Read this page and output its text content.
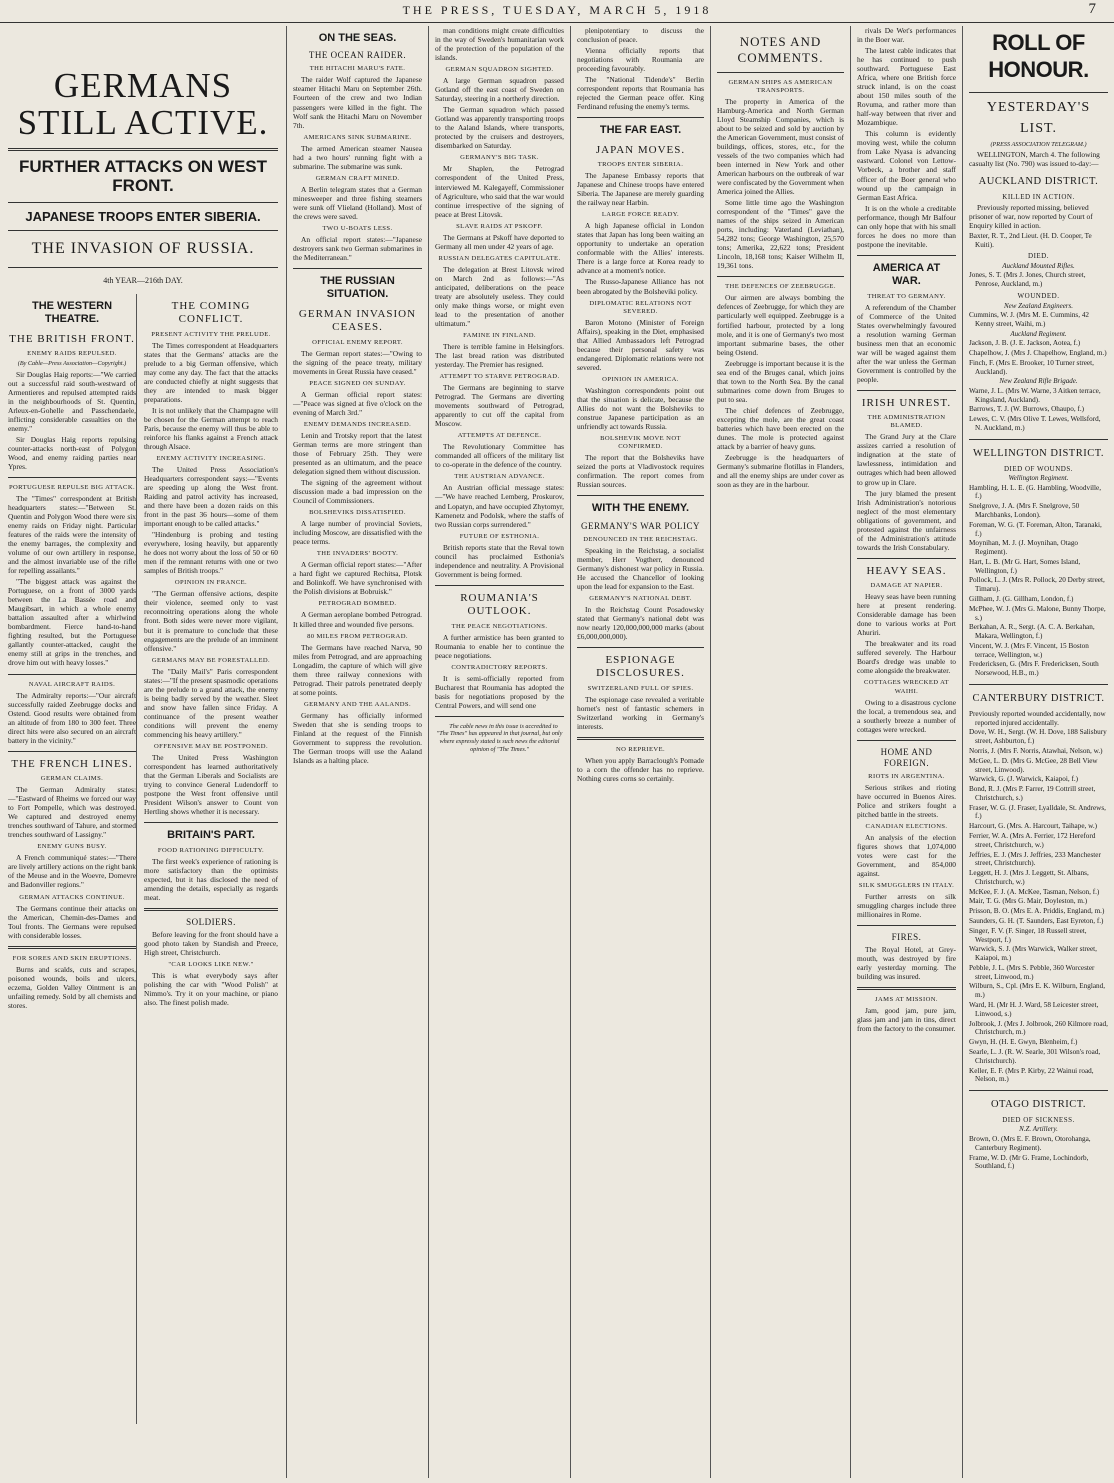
THE PRESS, TUESDAY, MARCH 5, 1918	7
GERMANS STILL ACTIVE.
FURTHER ATTACKS ON WEST FRONT.
JAPANESE TROOPS ENTER SIBERIA.
THE INVASION OF RUSSIA.
4th YEAR—216th DAY.
THE WESTERN THEATRE.
THE BRITISH FRONT.
ENEMY RAIDS REPULSED.
(By Cable—Press Association—Copyright.)

Sir Douglas Haig reports:—"We carried out a successful raid south-westward of Armentieres and repulsed attempted raids in the neighbourhoods of St. Quentin, Arleux-en-Gohelle and Passchendaele, inflicting considerable casualties on the enemy."

Sir Douglas Haig reports repulsing counter-attacks north-east of Polygon Wood, and enemy raiding parties near Ypres.

PORTUGUESE REPULSE BIG ATTACK.

The "Times" correspondent at British headquarters states:—"Between St. Quentin and Polygon Wood there were six enemy raids on Friday night. Particular features of the raids were the intensity of the enemy barrages, the complexity and volume of our own artillery in response, and the almost invariable use of the rifle for repelling assailants."

"The biggest attack was against the Portuguese, on a front of 3000 yards between the La Bassée road and Maugibsart, in which a whole enemy battalion assaulted after a whirlwind bombardment. Fierce hand-to-hand fighting resulted, but the Portuguese gallantly counter-attacked, caught the enemy still at grips in the trenches, and drove him out with heavy losses."

NAVAL AIRCRAFT RAIDS.

The Admiralty reports:—"Our aircraft successfully raided Zeebrugge docks and Ostend. Good results were obtained from an altitude of from 180 to 300 feet. Three direct hits were also secured on an aircraft battery in the vicinity."

THE FRENCH LINES.
GERMAN CLAIMS.

The German Admiralty states:—"Eastward of Rheims we forced our way to Fort Pompelle, which was destroyed. We captured and destroyed enemy trenches southward of Tahure, and stormed trenches southward of Lassigny."

ENEMY GUNS BUSY.

A French communiqué states:—"There are lively artillery actions on the right bank of the Meuse and in the Woevre, Domevre and Badonviller regions."

GERMAN ATTACKS CONTINUE.

The Germans continue their attacks on the American, Chemin-des-Dames and Toul fronts. The Germans were repulsed with considerable losses.

FOR SORES AND SKIN ERUPTIONS.

Burns and scalds, cuts and scrapes, poisoned wounds, boils and ulcers, eczema, Golden Valley Ointment is an unfailing remedy. Sold by all chemists and stores.

THE COMING CONFLICT.
PRESENT ACTIVITY THE PRELUDE.

The Times correspondent at Headquarters states that the Germans' attacks are the prelude to a big German offensive, which may come any day. The fact that the attacks are conducted chiefly at night suggests that they are intended to mask bigger preparations.

It is not unlikely that the Champagne will be chosen for the German attempt to reach Paris, because the enemy will thus be able to reinforce his flanks against a French attack through Alsace.

ENEMY ACTIVITY INCREASING.

The United Press Association's Headquarters correspondent says:—"Events are speeding up along the West front. Raiding and patrol activity has increased, and there have been a dozen raids on this front in the past 36 hours—some of them important enough to be called attacks."

"Hindenburg is probing and testing everywhere, losing heavily, but apparently he does not worry about the loss of 50 or 60 men if the remnant returns with one or two samples of British troops."

OPINION IN FRANCE.

"The German offensive actions, despite their violence, seemed only to vast reconnoitring operations along the whole front. Both sides were never more vigilant, but it is premature to conclude that these engagements are the prelude of an imminent offensive."

GERMANS MAY BE FORESTALLED.

The "Daily Mail's" Paris correspondent states:—"If the present spasmodic operations are the prelude to a grand attack, the enemy is being badly served by the weather. Sleet and snow have fallen since Friday. A continuance of the present weather conditions will prevent the enemy commencing his heavy artillery."

OFFENSIVE MAY BE POSTPONED.

The United Press Washington correspondent has learned authoritatively that the German Liberals and Socialists are trying to convince General Ludendorff to postpone the West front offensive until President Wilson's answer to Count von Hertling shows whether it is necessary.

BRITAIN'S PART.
FOOD RATIONING DIFFICULTY.

The first week's experience of rationing is more satisfactory than the optimists expected, but it has disclosed the need of amending the details, especially as regards meat.

SOLDIERS.

Before leaving for the front should have a good photo taken by Standish and Preece, High street, Christchurch.

"CAR LOOKS LIKE NEW."

This is what everybody says after polishing the car with "Wood Polish" at Nimmo's. Try it on your machine, or piano also. The finest polish made.

ON THE SEAS.
THE OCEAN RAIDER.
THE HITACHI MARU'S FATE.

The raider Wolf captured the Japanese steamer Hitachi Maru on September 26th. Fourteen of the crew and two Indian passengers were killed in the fight. The Wolf sank the Hitachi Maru on November 7th.

AMERICANS SINK SUBMARINE.

The armed American steamer Nausea had a two hours' running fight with a submarine. The submarine was sunk.

GERMAN CRAFT MINED.

A Berlin telegram states that a German minesweeper and three fishing steamers were sunk off Vlieland (Holland). Most of the crews were saved.

TWO U-BOATS LESS.

An official report states:—"Japanese destroyers sank two German submarines in the Mediterranean."

THE RUSSIAN SITUATION.
GERMAN INVASION CEASES.
OFFICIAL ENEMY REPORT.

The German report states:—"Owing to the signing of the peace treaty, military movements in Great Russia have ceased."

PEACE SIGNED ON SUNDAY.

A German official report states:—"Peace was signed at five o'clock on the evening of March 3rd."

ENEMY DEMANDS INCREASED.

Lenin and Trotsky report that the latest German terms are more stringent than those of February 25th. They were presented as an ultimatum, and the peace delegation signed them without discussion.

The signing of the agreement without discussion made a bad impression on the Council of Commissioners.

BOLSHEVIKS DISSATISFIED.

A large number of provincial Soviets, including Moscow, are dissatisfied with the peace terms.

THE INVADERS' BOOTY.

A German official report states:—"After a hard fight we captured Rechitsa, Plotsk and Bolinkoff. We have synchronised with the Polish divisions at Bobruisk."

PETROGRAD BOMBED.

A German aeroplane bombed Petrograd. It killed three and wounded five persons.

80 MILES FROM PETROGRAD.

The Germans have reached Narva, 90 miles from Petrograd, and are approaching Longadim, the capture of which will give them three railway connexions with Petrograd. Their patrols penetrated deeply at some points.

GERMANY AND THE AALANDS.

Germany has officially informed Sweden that she is sending troops to Finland at the request of the Finnish Government to suppress the revolution. The German troops will use the Aaland Islands as a halting place.

man conditions might create difficulties in the way of Sweden's humanitarian work of the protection of the population of the islands.

GERMAN SQUADRON SIGHTED.

A large German squadron passed Gotland off the east coast of Sweden on Saturday, steering in a northerly direction.

The German squadron which passed Gotland was apparently transporting troops to the Aaland Islands, where transports, protected by the cruisers and destroyers, disembarked on Saturday.

GERMANY'S BIG TASK.

Mr Shaplen, the Petrograd correspondent of the United Press, interviewed M. Kalegayeff, Commissioner of Agriculture, who said that the war would continue irrespective of the signing of peace at Brest Litovsk.

SLAVE RAIDS AT PSKOFF.

The Germans at Pskoff have deported to Germany all men under 42 years of age.

RUSSIAN DELEGATES CAPITULATE.

The delegation at Brest Litovsk wired on March 2nd as follows:—"As anticipated, deliberations on the peace treaty are absolutely useless. They could only make things worse, or might even lead to the presentation of another ultimatum."

FAMINE IN FINLAND.

There is terrible famine in Helsingfors. The last bread ration was distributed yesterday. The Premier has resigned.

ATTEMPT TO STARVE PETROGRAD.

The Germans are beginning to starve Petrograd. The Germans are diverting movements southward of Petrograd, apparently to cut off the capital from Moscow.

ATTEMPTS AT DEFENCE.

The Revolutionary Committee has commanded all officers of the military list to co-operate in the defence of the country.

THE AUSTRIAN ADVANCE.

An Austrian official message states:—"We have reached Lemberg, Proskurov, and Lopatyn, and have occupied Zhytomyr, Kamenetz and Podolsk, where the staffs of two Russian corps surrendered."

FUTURE OF ESTHONIA.

British reports state that the Reval town council has proclaimed Esthonia's independence and neutrality. A Provisional Government is being formed.

ROUMANIA'S OUTLOOK.
THE PEACE NEGOTIATIONS.

A further armistice has been granted to Roumania to enable her to continue the peace negotiations.

CONTRADICTORY REPORTS.

It is semi-officially reported from Bucharest that Roumania has adopted the basis for negotiations proposed by the Central Powers, and will send one

The cable news in this issue is accredited to "The Times" has appeared in that journal, but only where expressly stated is such news the editorial opinion of "The Times."

plenipotentiary to discuss the conclusion of peace.

Vienna officially reports that negotiations with Roumania are proceeding favourably.

The "National Tidende's" Berlin correspondent reports that Roumania has rejected the German peace offer. King Ferdinand refusing the enemy's terms.

THE FAR EAST.
JAPAN MOVES.
TROOPS ENTER SIBERIA.

The Japanese Embassy reports that Japanese and Chinese troops have entered Siberia. The Japanese are merely guarding the railway near Harbin.

LARGE FORCE READY.

A high Japanese official in London states that Japan has long been waiting an opportunity to undertake an operation conformable with the Allies' interests. There is a large force at Korea ready to advance at a moment's notice.

The Russo-Japanese Alliance has not been abrogated by the Bolsheviki policy.

DIPLOMATIC RELATIONS NOT SEVERED.

Baron Motono (Minister of Foreign Affairs), speaking in the Diet, emphasised that Allied Ambassadors left Petrograd because their personal safety was endangered. Diplomatic relations were not severed.

OPINION IN AMERICA.

Washington correspondents point out that the situation is delicate, because the Allies do not want the Bolsheviks to construe Japanese participation as an unfriendly act towards Russia.

BOLSHEVIK MOVE NOT CONFIRMED.

The report that the Bolsheviks have seized the ports at Vladivostock requires confirmation. The report comes from Russian sources.

WITH THE ENEMY.
GERMANY'S WAR POLICY
DENOUNCED IN THE REICHSTAG.

Speaking in the Reichstag, a socialist member, Herr Vogtherr, denounced Germany's dishonest war policy in Russia. He accused the Chancellor of looking upon the lead for expansion to the East.

GERMANY'S NATIONAL DEBT.

In the Reichstag Count Posadowsky stated that Germany's national debt was now nearly 120,000,000,000 marks (about £6,000,000,000).

ESPIONAGE DISCLOSURES.
SWITZERLAND FULL OF SPIES.

The espionage case revealed a veritable hornet's nest of fantastic schemers in Switzerland working in Germany's interests.

NO REPRIEVE.

When you apply Barraclough's Pomade to a corn the offender has no reprieve. Nothing cures corns so certainly.

NOTES AND COMMENTS.
GERMAN SHIPS AS AMERICAN TRANSPORTS.

The property in America of the Hamburg-America and North German Lloyd Steamship Companies, which is about to be seized and sold by auction by the American Government, must consist of buildings, offices, stores, etc., for the vessels of the two companies which had been interned in New York and other American harbours on the outbreak of war were confiscated by the Government when America joined the Allies.

Some little time ago the Washington correspondent of the "Times" gave the names of the ships seized in American ports, including: Vaterland (Leviathan), 54,282 tons; George Washington, 25,570 tons; Amerika, 22,622 tons; President Lincoln, 18,168 tons; Kaiser Wilhelm II, 19,361 tons.

THE DEFENCES OF ZEEBRUGGE.

Our airmen are always bombing the defences of Zeebrugge, for which they are particularly well equipped. Zeebrugge is a fortified harbour, protected by a long mole, and it is one of Germany's two most important submarine bases, the other being Ostend.

Zeebrugge is important because it is the sea end of the Bruges canal, which joins that town to the North Sea. By the canal submarines come down from Bruges to put to sea.

The chief defences of Zeebrugge, excepting the mole, are the great coast batteries which have been erected on the dunes. The mole is protected against attack by a barrier of heavy guns.

Zeebrugge is the headquarters of Germany's submarine flotillas in Flanders, and all the enemy ships are under cover as soon as they are in the harbour.

rivals De Wet's performances in the Boer war.

The latest cable indicates that he has continued to push southward. Portuguese East Africa, where one British force struck inland, is on the coast about 150 miles south of the Rovuma, and rather more than half-way between that river and Mozambique.

This column is evidently moving west, while the column from Lake Nyasa is advancing eastward. Colonel von Lettow-Vorbeck, a brother and staff officer of the Boer general who wound up the campaign in German East Africa.

It is on the whole a creditable performance, though Mr Balfour can only hope that with his small forces he does no more than postpone the inevitable.

AMERICA AT WAR.
THREAT TO GERMANY.

A referendum of the Chamber of Commerce of the United States overwhelmingly favoured a resolution warning German business men that an economic war will be waged against them after the war unless the German Government is controlled by the people.

IRISH UNREST.
THE ADMINISTRATION BLAMED.

The Grand Jury at the Clare assizes carried a resolution of indignation at the state of lawlessness, intimidation and outrages which had been allowed to grow up in Clare.

The jury blamed the present Irish Administration's notorious neglect of the most elementary obligations of government, and protested against the unfairness of the Administration's attitude towards the Irish Constabulary.

HEAVY SEAS.
DAMAGE AT NAPIER.

Heavy seas have been running here at present rendering. Considerable damage has been done to various works at Port Ahuriri.

The breakwater and its road suffered severely. The Harbour Board's dredge was unable to come alongside the breakwater.

COTTAGES WRECKED AT WAIHI.

Owing to a disastrous cyclone the local, a tremendous sea, and a southerly breeze a number of cottages were wrecked.

HOME AND FOREIGN.
RIOTS IN ARGENTINA.

Serious strikes and rioting have occurred in Buenos Aires. Police and strikers fought a pitched battle in the streets.

CANADIAN ELECTIONS.

An analysis of the election figures shows that 1,074,000 votes were cast for the Government, and 854,000 against.

SILK SMUGGLERS IN ITALY.

Further arrests on silk smuggling charges include three millionaires in Rome.

FIRES.

The Royal Hotel, at Grey-mouth, was destroyed by fire early yesterday morning. The building was insured.

JAMS AT MISSION.

Jam, good jam, pure jam, glass jam and jam in tins, direct from the factory to the consumer.

ROLL OF HONOUR.
YESTERDAY'S
LIST.
(PRESS ASSOCIATION TELEGRAM.)

WELLINGTON, March 4. The following casualty list (No. 790) was issued to-day:—

AUCKLAND DISTRICT.
KILLED IN ACTION.

Previously reported missing, believed prisoner of war, now reported by Court of Enquiry killed in action.

Baxter, R. T., 2nd Lieut. (H. D. Cooper, Te Kuiti).
DIED.
Auckland Mounted Rifles.
Jones, S. T. (Mrs J. Jones, Church street, Penrose, Auckland, m.)
WOUNDED.
New Zealand Engineers.
Cummins, W. J. (Mrs M. E. Cummins, 42 Kenny street, Waihi, m.)
Auckland Regiment.
Jackson, J. B. (J. E. Jackson, Aotea, f.)
Chapelhow, J. (Mrs J. Chapelhow, England, m.)
Finch, F. (Mrs E. Brooker, 10 Turner street, Auckland).
New Zealand Rifle Brigade.
Warne, J. L. (Mrs W. Warne, 3 Aitken terrace, Kingsland, Auckland).
Barrows, T. J. (W. Burrows, Ohaupo, f.)
Lewes, C. V. (Mrs Olive T. Lewes, Wellsford, N. Auckland, m.)
WELLINGTON DISTRICT.
DIED OF WOUNDS.
Wellington Regiment.
Hambling, H. L. E. (G. Hambling, Woodville, f.)
Snelgrove, J. A. (Mrs F. Snelgrove, 50 Marchbanks, London).
Foreman, W. G. (T. Foreman, Alton, Taranaki, f.)
Moynihan, M. J. (J. Moynihan, Otago Regiment).
Hart, L. B. (Mr G. Hart, Somes Island, Wellington, f.)
Pollock, L. J. (Mrs R. Pollock, 20 Derby street, Timaru).
Gillham, J. (G. Gillham, London, f.)
McPhee, W. J. (Mrs G. Malone, Bunny Thorpe, s.)
Berkahan, A. R., Sergt. (A. C. A. Berkahan, Makara, Wellington, f.)
Vincent, W. J. (Mrs F. Vincent, 15 Boston terrace, Wellington, w.)
Fredericksen, G. (Mrs F. Fredericksen, South Norsewood, H.B., m.)
CANTERBURY DISTRICT.
Previously reported wounded accidentally, now reported injured accidentally.
Dove, W. H., Sergt. (W. H. Dove, 188 Salisbury street, Ashburton, f.)
Norris, J. (Mrs F. Norris, Atawhai, Nelson, w.)
McGee, L. D. (Mrs G. McGee, 28 Bell View street, Linwood).
Warwick, G. (J. Warwick, Kaiapoi, f.)
Bond, R. J. (Mrs P. Farrer, 19 Cottrill street, Christchurch, s.)
Fraser, W. G. (J. Fraser, Lyalldale, St. Andrews, f.)
Harcourt, G. (Mrs. A. Harcourt, Taihape, w.)
Ferrier, W. A. (Mrs A. Ferrier, 172 Hereford street, Christchurch, w.)
Jeffries, E. J. (Mrs J. Jeffries, 233 Manchester street, Christchurch).
Leggett, H. J. (Mrs J. Leggett, St. Albans, Christchurch, w.)
McKee, F. J. (A. McKee, Tasman, Nelson, f.)
Mair, T. G. (Mrs G. Mair, Doyleston, m.)
Prisson, B. O. (Mrs E. A. Priddis, England, m.)
Saunders, G. H. (T. Saunders, East Eyreton, f.)
Singer, F. V. (F. Singer, 18 Russell street, Westport, f.)
Warwick, S. J. (Mrs Warwick, Walker street, Kaiapoi, m.)
Pebble, J. L. (Mrs S. Pebble, 360 Worcester street, Linwood, m.)
Wilburn, S., Cpl. (Mrs E. K. Wilburn, England, m.)
Ward, H. (Mr H. J. Ward, 58 Leicester street, Linwood, s.)
Jolbrook, J. (Mrs J. Jolbrook, 260 Kilmore road, Christchurch, m.)
Gwyn, H. (H. E. Gwyn, Blenheim, f.)
Searle, L. J. (R. W. Searle, 301 Wilson's road, Christchurch).
Keller, E. F. (Mrs P. Kirby, 22 Wainui road, Nelson, m.)
OTAGO DISTRICT.
DIED OF SICKNESS.
N.Z. Artillery.
Brown, O. (Mrs E. F. Brown, Otorohanga, Canterbury Regiment).
Frame, W. D. (Mr G. Frame, Lochindorb, Southland, f.)
